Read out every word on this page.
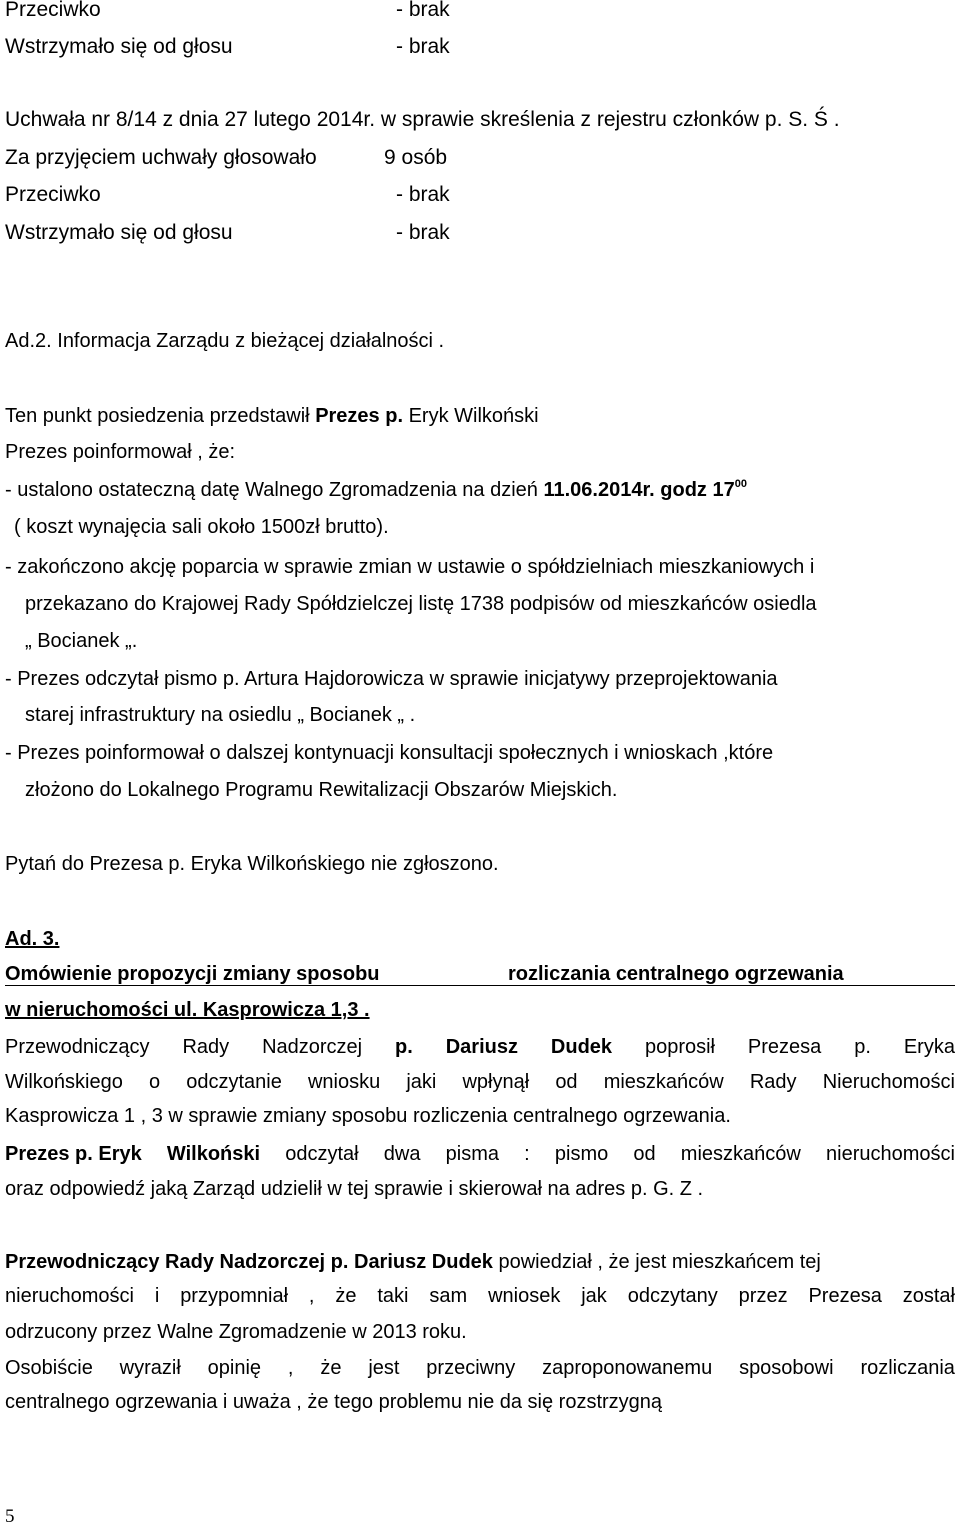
Przeciwko	- brak
Wstrzymało się od głosu	- brak
Uchwała nr 8/14 z dnia 27 lutego 2014r. w sprawie skreślenia z rejestru członków p. S. Ś .
Za przyjęciem uchwały głosowało	9 osób
Przeciwko	- brak
Wstrzymało się od głosu	- brak
Ad.2. Informacja Zarządu z bieżącej działalności .
Ten punkt posiedzenia przedstawił Prezes p. Eryk Wilkoński
Prezes poinformował , że:
- ustalono ostateczną datę Walnego Zgromadzenia na dzień 11.06.2014r. godz $17^{00}$
( koszt wynajęcia sali około 1500zł brutto).
- zakończono akcję poparcia w sprawie zmian w ustawie o spółdzielniach mieszkaniowych i
przekazano do Krajowej Rady Spółdzielczej listę 1738 podpisów od mieszkańców osiedla
„ Bocianek „.
- Prezes odczytał pismo p. Artura Hajdorowicza w sprawie inicjatywy przeprojektowania
starej infrastruktury na osiedlu „ Bocianek „ .
- Prezes poinformował o dalszej kontynuacji konsultacji społecznych i wnioskach ,które
złożono do Lokalnego Programu Rewitalizacji Obszarów Miejskich.
Pytań do Prezesa p. Eryka Wilkońskiego nie zgłoszono.
Ad. 3.
Omówienie propozycji zmiany sposobu	rozliczania centralnego ogrzewania
w nieruchomości ul. Kasprowicza 1,3 .
Przewodniczący Rady Nadzorczej p. Dariusz Dudek poprosił Prezesa p. Eryka
Wilkońskiego o odczytanie wniosku jaki wpłynął od mieszkańców Rady Nieruchomości
Kasprowicza 1 , 3 w sprawie zmiany sposobu rozliczenia centralnego ogrzewania.
Prezes p. Eryk Wilkoński odczytał dwa pisma : pismo od mieszkańców nieruchomości
oraz odpowiedź jaką Zarząd udzielił w tej sprawie i skierował na adres p. G. Z .
Przewodniczący Rady Nadzorczej p. Dariusz Dudek powiedział , że jest mieszkańcem tej
nieruchomości i przypomniał , że taki sam wniosek jak odczytany przez Prezesa został
odrzucony przez Walne Zgromadzenie w 2013 roku.
Osobiście wyraził opinię , że jest przeciwny zaproponowanemu sposobowi rozliczania
centralnego ogrzewania i uważa , że tego problemu nie da się rozstrzygną
5
